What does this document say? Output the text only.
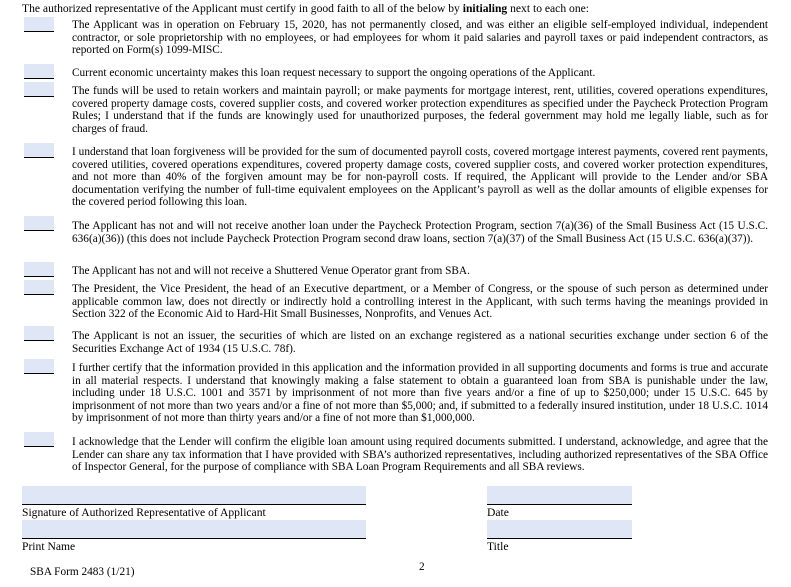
The authorized representative of the Applicant must certify in good faith to all of the below by initialing next to each one:
The Applicant was in operation on February 15, 2020, has not permanently closed, and was either an eligible self-employed individual, independent contractor, or sole proprietorship with no employees, or had employees for whom it paid salaries and payroll taxes or paid independent contractors, as reported on Form(s) 1099-MISC.
Current economic uncertainty makes this loan request necessary to support the ongoing operations of the Applicant.
The funds will be used to retain workers and maintain payroll; or make payments for mortgage interest, rent, utilities, covered operations expenditures, covered property damage costs, covered supplier costs, and covered worker protection expenditures as specified under the Paycheck Protection Program Rules; I understand that if the funds are knowingly used for unauthorized purposes, the federal government may hold me legally liable, such as for charges of fraud.
I understand that loan forgiveness will be provided for the sum of documented payroll costs, covered mortgage interest payments, covered rent payments, covered utilities, covered operations expenditures, covered property damage costs, covered supplier costs, and covered worker protection expenditures, and not more than 40% of the forgiven amount may be for non-payroll costs. If required, the Applicant will provide to the Lender and/or SBA documentation verifying the number of full-time equivalent employees on the Applicant’s payroll as well as the dollar amounts of eligible expenses for the covered period following this loan.
The Applicant has not and will not receive another loan under the Paycheck Protection Program, section 7(a)(36) of the Small Business Act (15 U.S.C. 636(a)(36)) (this does not include Paycheck Protection Program second draw loans, section 7(a)(37) of the Small Business Act (15 U.S.C. 636(a)(37)).
The Applicant has not and will not receive a Shuttered Venue Operator grant from SBA.
The President, the Vice President, the head of an Executive department, or a Member of Congress, or the spouse of such person as determined under applicable common law, does not directly or indirectly hold a controlling interest in the Applicant, with such terms having the meanings provided in Section 322 of the Economic Aid to Hard-Hit Small Businesses, Nonprofits, and Venues Act.
The Applicant is not an issuer, the securities of which are listed on an exchange registered as a national securities exchange under section 6 of the Securities Exchange Act of 1934 (15 U.S.C. 78f).
I further certify that the information provided in this application and the information provided in all supporting documents and forms is true and accurate in all material respects. I understand that knowingly making a false statement to obtain a guaranteed loan from SBA is punishable under the law, including under 18 U.S.C. 1001 and 3571 by imprisonment of not more than five years and/or a fine of up to $250,000; under 15 U.S.C. 645 by imprisonment of not more than two years and/or a fine of not more than $5,000; and, if submitted to a federally insured institution, under 18 U.S.C. 1014 by imprisonment of not more than thirty years and/or a fine of not more than $1,000,000.
I acknowledge that the Lender will confirm the eligible loan amount using required documents submitted. I understand, acknowledge, and agree that the Lender can share any tax information that I have provided with SBA’s authorized representatives, including authorized representatives of the SBA Office of Inspector General, for the purpose of compliance with SBA Loan Program Requirements and all SBA reviews.
Signature of Authorized Representative of Applicant	Date
Print Name	Title
SBA Form 2483 (1/21)	2
